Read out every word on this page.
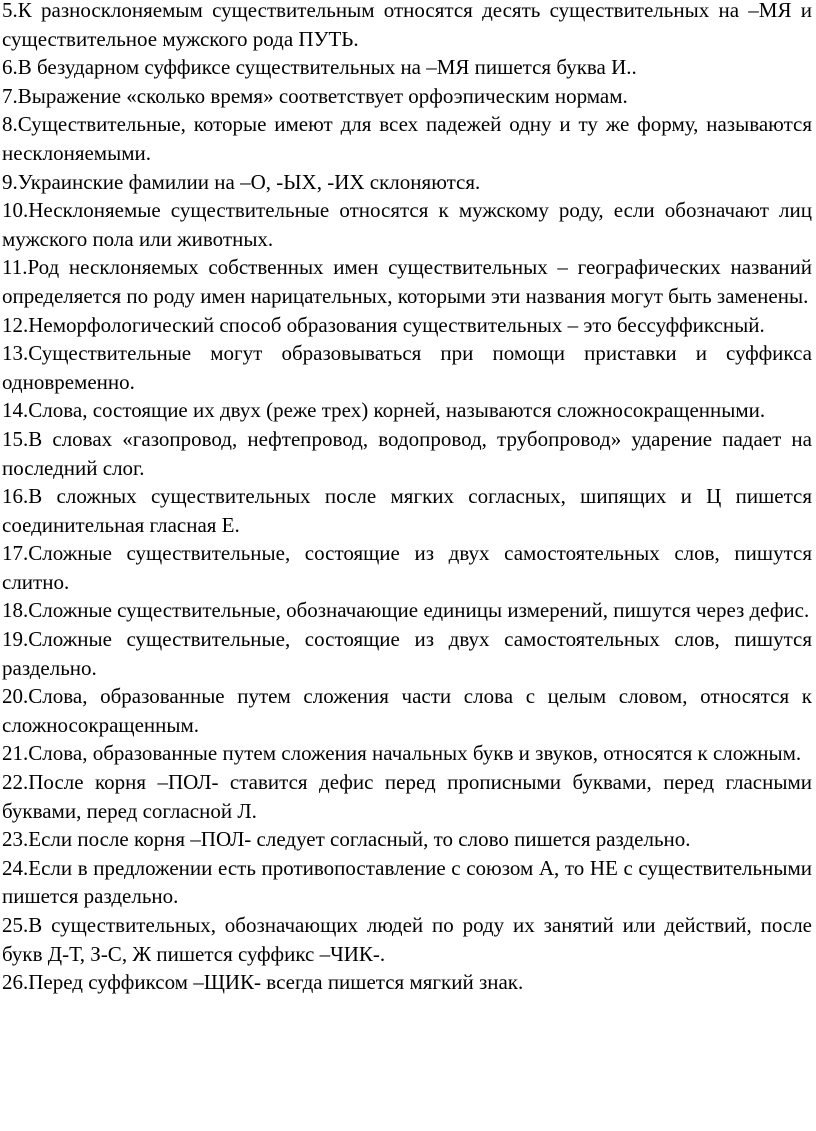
5.К разносклоняемым существительным относятся десять существительных на –МЯ и существительное мужского рода ПУТЬ.
6.В безударном суффиксе существительных на –МЯ пишется буква И..
7.Выражение «сколько время» соответствует орфоэпическим нормам.
8.Существительные, которые имеют для всех падежей одну и ту же форму, называются несклоняемыми.
9.Украинские фамилии на –О, -ЫХ, -ИХ склоняются.
10.Несклоняемые существительные относятся к мужскому роду, если обозначают лиц мужского пола или животных.
11.Род несклоняемых собственных имен существительных – географических названий определяется по роду имен нарицательных, которыми эти названия могут быть заменены.
12.Неморфологический способ образования существительных – это бессуффиксный.
13.Существительные могут образовываться при помощи приставки и суффикса одновременно.
14.Слова, состоящие их двух (реже трех) корней, называются сложносокращенными.
15.В словах «газопровод, нефтепровод, водопровод, трубопровод» ударение падает на последний слог.
16.В сложных существительных после мягких согласных, шипящих и Ц пишется соединительная гласная Е.
17.Сложные существительные, состоящие из двух самостоятельных слов, пишутся слитно.
18.Сложные существительные, обозначающие единицы измерений, пишутся через дефис.
19.Сложные существительные, состоящие из двух самостоятельных слов, пишутся раздельно.
20.Слова, образованные путем сложения части слова с целым словом, относятся к сложносокращенным.
21.Слова, образованные путем сложения начальных букв и звуков, относятся к сложным.
22.После корня –ПОЛ- ставится дефис перед прописными буквами, перед гласными буквами, перед согласной Л.
23.Если после корня –ПОЛ- следует согласный, то слово пишется раздельно.
24.Если в предложении есть противопоставление с союзом А, то НЕ с существительными пишется раздельно.
25.В существительных, обозначающих людей по роду их занятий или действий, после букв Д-Т, З-С, Ж пишется суффикс –ЧИК-.
26.Перед суффиксом –ЩИК- всегда пишется мягкий знак.
